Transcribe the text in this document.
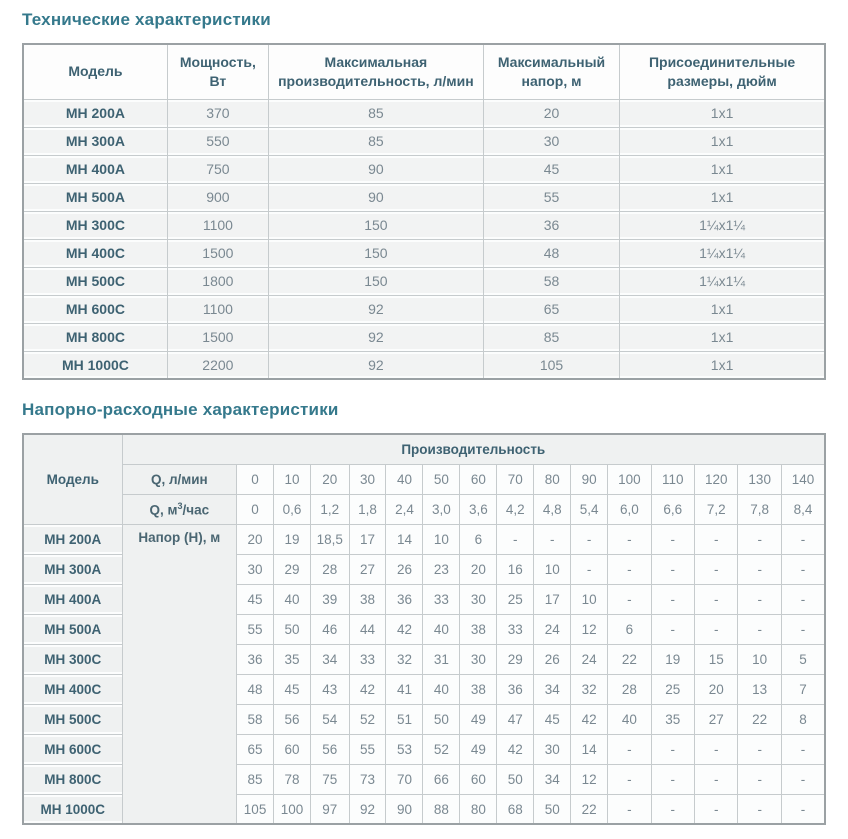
Технические характеристики
Модель	Мощность, Вт	Максимальная производительность, л/мин	Максимальный напор, м	Присоединительные размеры, дюйм
МН 200А	370	85	20	1x1
МН 300А	550	85	30	1x1
МН 400А	750	90	45	1x1
МН 500А	900	90	55	1x1
МН 300С	1100	150	36	1¼x1¼
МН 400С	1500	150	48	1¼x1¼
МН 500С	1800	150	58	1¼x1¼
МН 600С	1100	92	65	1x1
МН 800С	1500	92	85	1x1
МН 1000С	2200	92	105	1x1
Напорно-расходные характеристики
Модель	Производительность															
	Q, л/мин	0	10	20	30	40	50	60	70	80	90	100	110	120	130	140
	Q, $м^3$/час	0	0,6	1,2	1,8	2,4	3,0	3,6	4,2	4,8	5,4	6,0	6,6	7,2	7,8	8,4
МН 200А	Напор (Н), м	20	19	18,5	17	14	10	6	-	-	-	-	-	-	-	-
МН 300А		30	29	28	27	26	23	20	16	10	-	-	-	-	-	-
МН 400А		45	40	39	38	36	33	30	25	17	10	-	-	-	-	-
МН 500А		55	50	46	44	42	40	38	33	24	12	6	-	-	-	-
МН 300С		36	35	34	33	32	31	30	29	26	24	22	19	15	10	5
МН 400С		48	45	43	42	41	40	38	36	34	32	28	25	20	13	7
МН 500С		58	56	54	52	51	50	49	47	45	42	40	35	27	22	8
МН 600С		65	60	56	55	53	52	49	42	30	14	-	-	-	-	-
МН 800С		85	78	75	73	70	66	60	50	34	12	-	-	-	-	-
МН 1000С		105	100	97	92	90	88	80	68	50	22	-	-	-	-	-
